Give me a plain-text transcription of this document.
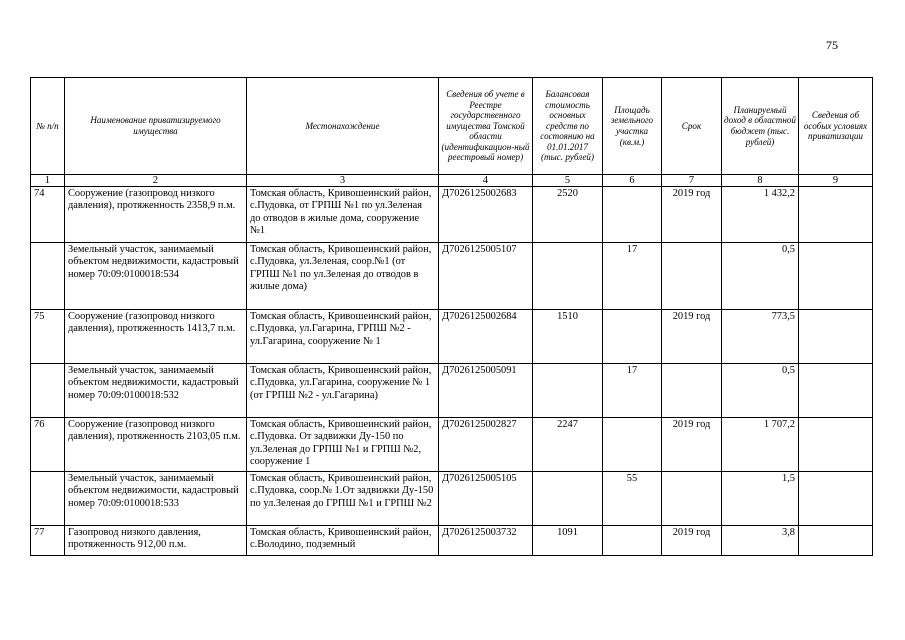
75
№ п/п	Наименование приватизируемого имущества	Местонахождение	Сведения об учете в Реестре государственного имущества Томской области (идентификацион-ный реестровый номер)	Балансовая стоимость основных средств по состоянию на 01.01.2017 (тыс. рублей)	Площадь земельного участка (кв.м.)	Срок	Планируемый доход в областной бюджет (тыс. рублей)	Сведения об особых условиях приватизации
1	2	3	4	5	6	7	8	9
74	Сооружение (газопровод низкого давления), протяженность 2358,9 п.м.	Томская область, Кривошеинский район, с.Пудовка, от ГРПШ №1 по ул.Зеленая до отводов в жилые дома, сооружение №1	Д7026125002683	2520		2019 год	1 432,2	
	Земельный участок, занимаемый объектом недвижимости, кадастровый номер 70:09:0100018:534	Томская область, Кривошеинский район, с.Пудовка, ул.Зеленая, соор.№1 (от ГРПШ №1 по ул.Зеленая до отводов в жилые дома)	Д7026125005107		17		0,5	
75	Сооружение (газопровод низкого давления), протяженность 1413,7 п.м.	Томская область, Кривошеинский район, с.Пудовка, ул.Гагарина, ГРПШ №2 - ул.Гагарина, сооружение № 1	Д7026125002684	1510		2019 год	773,5	
	Земельный участок, занимаемый объектом недвижимости, кадастровый номер 70:09:0100018:532	Томская область, Кривошеинский район, с.Пудовка, ул.Гагарина, сооружение № 1 (от ГРПШ №2 - ул.Гагарина)	Д7026125005091		17		0,5	
76	Сооружение (газопровод низкого давления), протяженность 2103,05 п.м.	Томская область, Кривошеинский район, с.Пудовка. От задвижки Ду-150 по ул.Зеленая до ГРПШ №1 и ГРПШ №2, сооружение 1	Д7026125002827	2247		2019 год	1 707,2	
	Земельный участок, занимаемый объектом недвижимости, кадастровый номер 70:09:0100018:533	Томская область, Кривошеинский район, с.Пудовка, соор.№ 1.От задвижки Ду-150 по ул.Зеленая до ГРПШ №1 и ГРПШ №2	Д7026125005105		55		1,5	
77	Газопровод низкого давления, протяженность 912,00 п.м.	Томская область, Кривошеинский район, с.Володино, подземный	Д7026125003732	1091		2019 год	3,8	
